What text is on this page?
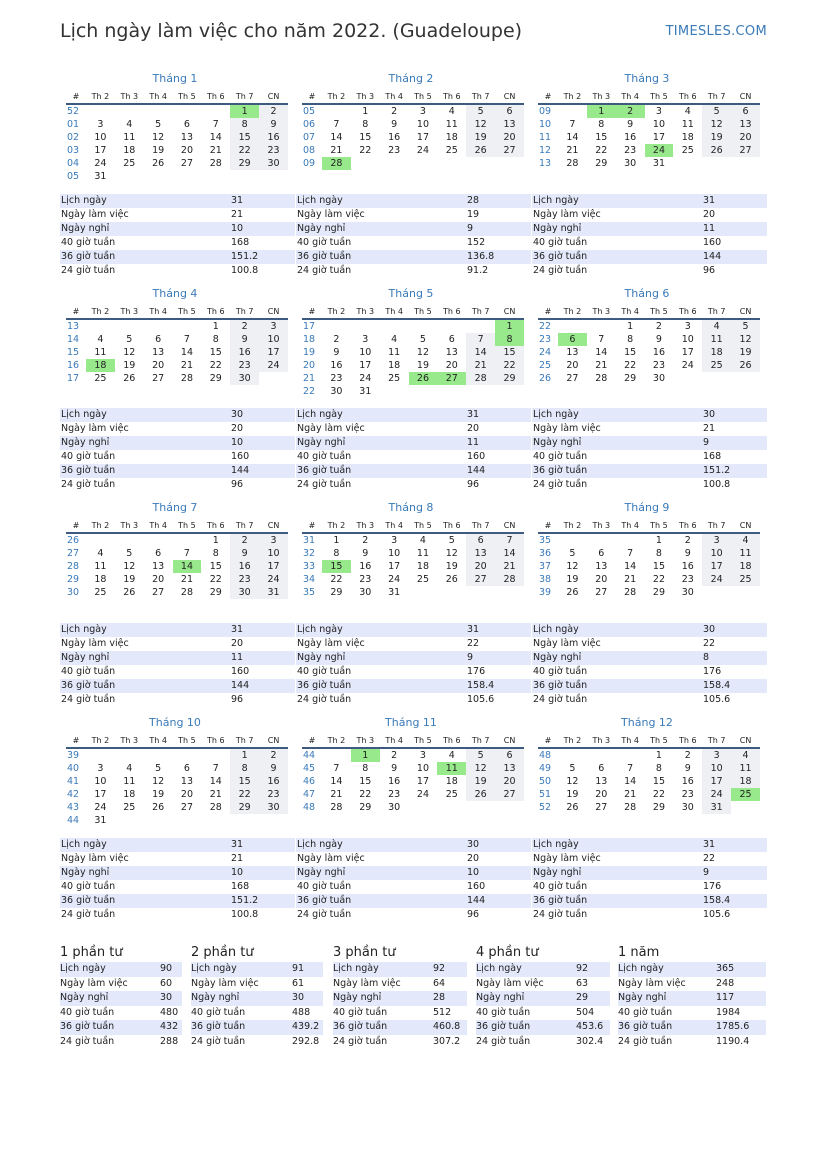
Lịch ngày làm việc cho năm 2022. (Guadeloupe)	TIMESLES.COM
Tháng 1
#	Th 2	Th 3	Th 4	Th 5	Th 6	Th 7	CN
52						1	2
01	3	4	5	6	7	8	9
02	10	11	12	13	14	15	16
03	17	18	19	20	21	22	23
04	24	25	26	27	28	29	30
05	31						
Lịch ngày	31
Ngày làm việc	21
Ngày nghỉ	10
40 giờ tuần	168
36 giờ tuần	151.2
24 giờ tuần	100.8
Tháng 2
#	Th 2	Th 3	Th 4	Th 5	Th 6	Th 7	CN
05		1	2	3	4	5	6
06	7	8	9	10	11	12	13
07	14	15	16	17	18	19	20
08	21	22	23	24	25	26	27
09	28						
Lịch ngày	28
Ngày làm việc	19
Ngày nghỉ	9
40 giờ tuần	152
36 giờ tuần	136.8
24 giờ tuần	91.2
Tháng 3
#	Th 2	Th 3	Th 4	Th 5	Th 6	Th 7	CN
09		1	2	3	4	5	6
10	7	8	9	10	11	12	13
11	14	15	16	17	18	19	20
12	21	22	23	24	25	26	27
13	28	29	30	31			
Lịch ngày	31
Ngày làm việc	20
Ngày nghỉ	11
40 giờ tuần	160
36 giờ tuần	144
24 giờ tuần	96
Tháng 4
#	Th 2	Th 3	Th 4	Th 5	Th 6	Th 7	CN
13					1	2	3
14	4	5	6	7	8	9	10
15	11	12	13	14	15	16	17
16	18	19	20	21	22	23	24
17	25	26	27	28	29	30	
Lịch ngày	30
Ngày làm việc	20
Ngày nghỉ	10
40 giờ tuần	160
36 giờ tuần	144
24 giờ tuần	96
Tháng 5
#	Th 2	Th 3	Th 4	Th 5	Th 6	Th 7	CN
17							1
18	2	3	4	5	6	7	8
19	9	10	11	12	13	14	15
20	16	17	18	19	20	21	22
21	23	24	25	26	27	28	29
22	30	31					
Lịch ngày	31
Ngày làm việc	20
Ngày nghỉ	11
40 giờ tuần	160
36 giờ tuần	144
24 giờ tuần	96
Tháng 6
#	Th 2	Th 3	Th 4	Th 5	Th 6	Th 7	CN
22			1	2	3	4	5
23	6	7	8	9	10	11	12
24	13	14	15	16	17	18	19
25	20	21	22	23	24	25	26
26	27	28	29	30			
Lịch ngày	30
Ngày làm việc	21
Ngày nghỉ	9
40 giờ tuần	168
36 giờ tuần	151.2
24 giờ tuần	100.8
Tháng 7
#	Th 2	Th 3	Th 4	Th 5	Th 6	Th 7	CN
26					1	2	3
27	4	5	6	7	8	9	10
28	11	12	13	14	15	16	17
29	18	19	20	21	22	23	24
30	25	26	27	28	29	30	31
Lịch ngày	31
Ngày làm việc	20
Ngày nghỉ	11
40 giờ tuần	160
36 giờ tuần	144
24 giờ tuần	96
Tháng 8
#	Th 2	Th 3	Th 4	Th 5	Th 6	Th 7	CN
31	1	2	3	4	5	6	7
32	8	9	10	11	12	13	14
33	15	16	17	18	19	20	21
34	22	23	24	25	26	27	28
35	29	30	31				
Lịch ngày	31
Ngày làm việc	22
Ngày nghỉ	9
40 giờ tuần	176
36 giờ tuần	158.4
24 giờ tuần	105.6
Tháng 9
#	Th 2	Th 3	Th 4	Th 5	Th 6	Th 7	CN
35				1	2	3	4
36	5	6	7	8	9	10	11
37	12	13	14	15	16	17	18
38	19	20	21	22	23	24	25
39	26	27	28	29	30		
Lịch ngày	30
Ngày làm việc	22
Ngày nghỉ	8
40 giờ tuần	176
36 giờ tuần	158.4
24 giờ tuần	105.6
Tháng 10
#	Th 2	Th 3	Th 4	Th 5	Th 6	Th 7	CN
39						1	2
40	3	4	5	6	7	8	9
41	10	11	12	13	14	15	16
42	17	18	19	20	21	22	23
43	24	25	26	27	28	29	30
44	31						
Lịch ngày	31
Ngày làm việc	21
Ngày nghỉ	10
40 giờ tuần	168
36 giờ tuần	151.2
24 giờ tuần	100.8
Tháng 11
#	Th 2	Th 3	Th 4	Th 5	Th 6	Th 7	CN
44		1	2	3	4	5	6
45	7	8	9	10	11	12	13
46	14	15	16	17	18	19	20
47	21	22	23	24	25	26	27
48	28	29	30				
Lịch ngày	30
Ngày làm việc	20
Ngày nghỉ	10
40 giờ tuần	160
36 giờ tuần	144
24 giờ tuần	96
Tháng 12
#	Th 2	Th 3	Th 4	Th 5	Th 6	Th 7	CN
48				1	2	3	4
49	5	6	7	8	9	10	11
50	12	13	14	15	16	17	18
51	19	20	21	22	23	24	25
52	26	27	28	29	30	31	
Lịch ngày	31
Ngày làm việc	22
Ngày nghỉ	9
40 giờ tuần	176
36 giờ tuần	158.4
24 giờ tuần	105.6
1 phần tư
Lịch ngày	90
Ngày làm việc	60
Ngày nghỉ	30
40 giờ tuần	480
36 giờ tuần	432
24 giờ tuần	288
2 phần tư
Lịch ngày	91
Ngày làm việc	61
Ngày nghỉ	30
40 giờ tuần	488
36 giờ tuần	439.2
24 giờ tuần	292.8
3 phần tư
Lịch ngày	92
Ngày làm việc	64
Ngày nghỉ	28
40 giờ tuần	512
36 giờ tuần	460.8
24 giờ tuần	307.2
4 phần tư
Lịch ngày	92
Ngày làm việc	63
Ngày nghỉ	29
40 giờ tuần	504
36 giờ tuần	453.6
24 giờ tuần	302.4
1 năm
Lịch ngày	365
Ngày làm việc	248
Ngày nghỉ	117
40 giờ tuần	1984
36 giờ tuần	1785.6
24 giờ tuần	1190.4
